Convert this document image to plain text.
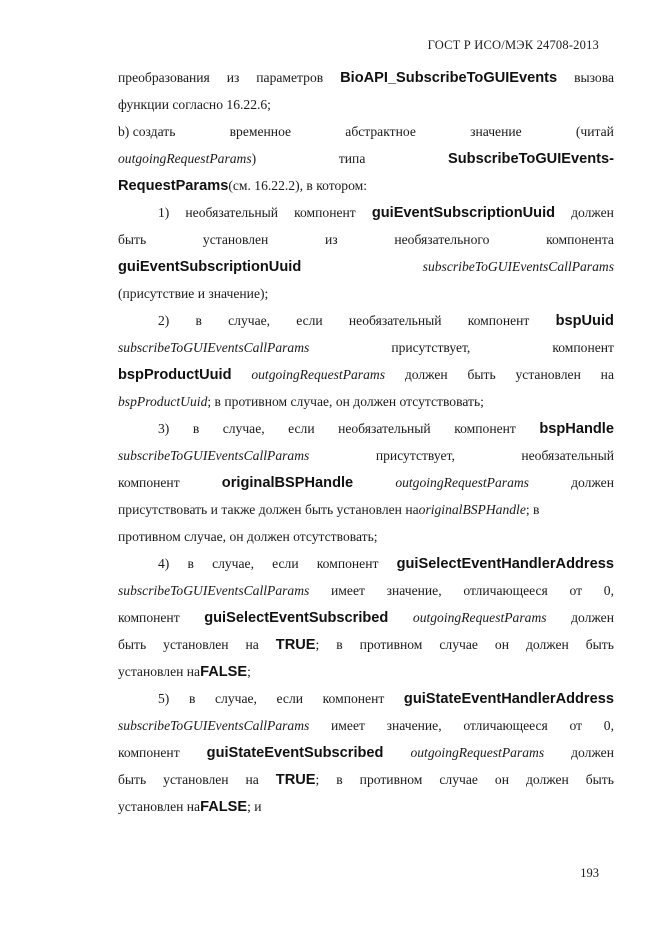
ГОСТ Р ИСО/МЭК 24708-2013
преобразования из параметров BioAPI_SubscribeToGUIEvents вызова
функции согласно 16.22.6;
b) создать	временное	абстрактное	значение	(читай
outgoingRequestParams)	типа	SubscribeToGUIEvents-
RequestParams (см. 16.22.2), в котором:
1) необязательный компонент guiEventSubscriptionUuid должен
быть	установлен	из	необязательного	компонента
guiEventSubscriptionUuid	subscribeToGUIEventsCallParams
(присутствие и значение);
2) в случае, если необязательный компонент bspUuid
subscribeToGUIEventsCallParams	присутствует,	компонент
bspProductUuid outgoingRequestParams должен быть установлен на
bspProductUuid ; в противном случае, он должен отсутствовать;
3) в случае, если необязательный компонент bspHandle
subscribeToGUIEventsCallParams	присутствует,	необязательный
компонент	originalBSPHandle	outgoingRequestParams	должен
присутствовать и также должен быть установлен на originalBSPHandle ; в
противном случае, он должен отсутствовать;
4) в случае, если компонент guiSelectEventHandlerAddress
subscribeToGUIEventsCallParams имеет значение, отличающееся от 0,
компонент guiSelectEventSubscribed outgoingRequestParams должен
быть установлен на TRUE; в противном случае он должен быть
установлен на FALSE ;
5) в случае, если компонент guiStateEventHandlerAddress
subscribeToGUIEventsCallParams имеет значение, отличающееся от 0,
компонент guiStateEventSubscribed outgoingRequestParams должен
быть установлен на TRUE; в противном случае он должен быть
установлен на FALSE ; и
193
